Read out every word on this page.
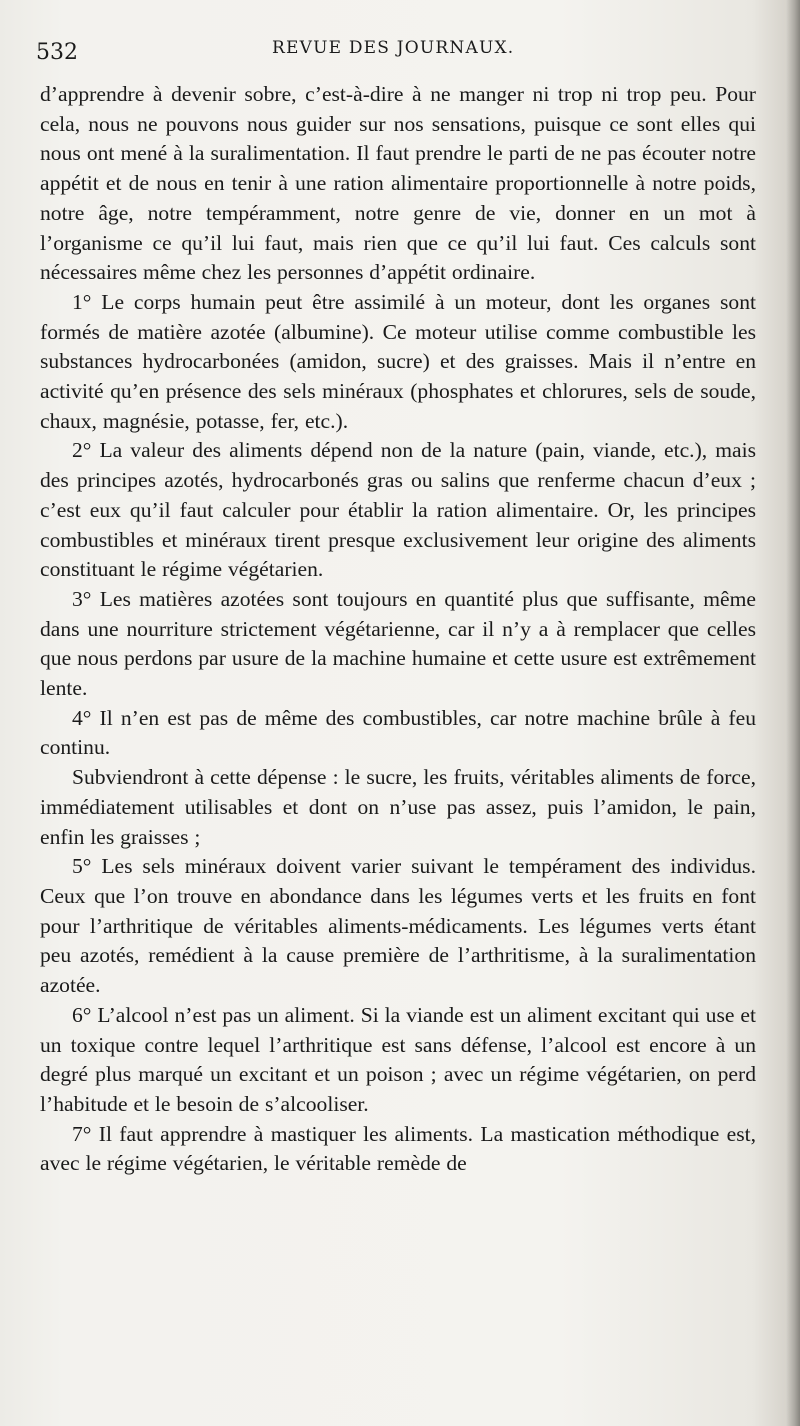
532	REVUE DES JOURNAUX.

d’apprendre à devenir sobre, c’est-à-dire à ne manger ni trop ni trop peu. Pour cela, nous ne pouvons nous guider sur nos sensations, puisque ce sont elles qui nous ont mené à la suralimentation. Il faut prendre le parti de ne pas écouter notre appétit et de nous en tenir à une ration alimentaire proportionnelle à notre poids, notre âge, notre tempéramment, notre genre de vie, donner en un mot à l’organisme ce qu’il lui faut, mais rien que ce qu’il lui faut. Ces calculs sont nécessaires même chez les personnes d’appétit ordinaire.

1° Le corps humain peut être assimilé à un moteur, dont les organes sont formés de matière azotée (albumine). Ce moteur utilise comme combustible les substances hydrocarbonées (amidon, sucre) et des graisses. Mais il n’entre en activité qu’en présence des sels minéraux (phosphates et chlorures, sels de soude, chaux, magnésie, potasse, fer, etc.).

2° La valeur des aliments dépend non de la nature (pain, viande, etc.), mais des principes azotés, hydrocarbonés gras ou salins que renferme chacun d’eux ; c’est eux qu’il faut calculer pour établir la ration alimentaire. Or, les principes combustibles et minéraux tirent presque exclusivement leur origine des aliments constituant le régime végétarien.

3° Les matières azotées sont toujours en quantité plus que suffisante, même dans une nourriture strictement végétarienne, car il n’y a à remplacer que celles que nous perdons par usure de la machine humaine et cette usure est extrêmement lente.

4° Il n’en est pas de même des combustibles, car notre machine brûle à feu continu.

Subviendront à cette dépense : le sucre, les fruits, véritables aliments de force, immédiatement utilisables et dont on n’use pas assez, puis l’amidon, le pain, enfin les graisses ;

5° Les sels minéraux doivent varier suivant le tempérament des individus. Ceux que l’on trouve en abondance dans les légumes verts et les fruits en font pour l’arthritique de véritables aliments-médicaments. Les légumes verts étant peu azotés, remédient à la cause première de l’arthritisme, à la suralimentation azotée.

6° L’alcool n’est pas un aliment. Si la viande est un aliment excitant qui use et un toxique contre lequel l’arthritique est sans défense, l’alcool est encore à un degré plus marqué un excitant et un poison ; avec un régime végétarien, on perd l’habitude et le besoin de s’alcooliser.

7° Il faut apprendre à mastiquer les aliments. La mastication méthodique est, avec le régime végétarien, le véritable remède de
